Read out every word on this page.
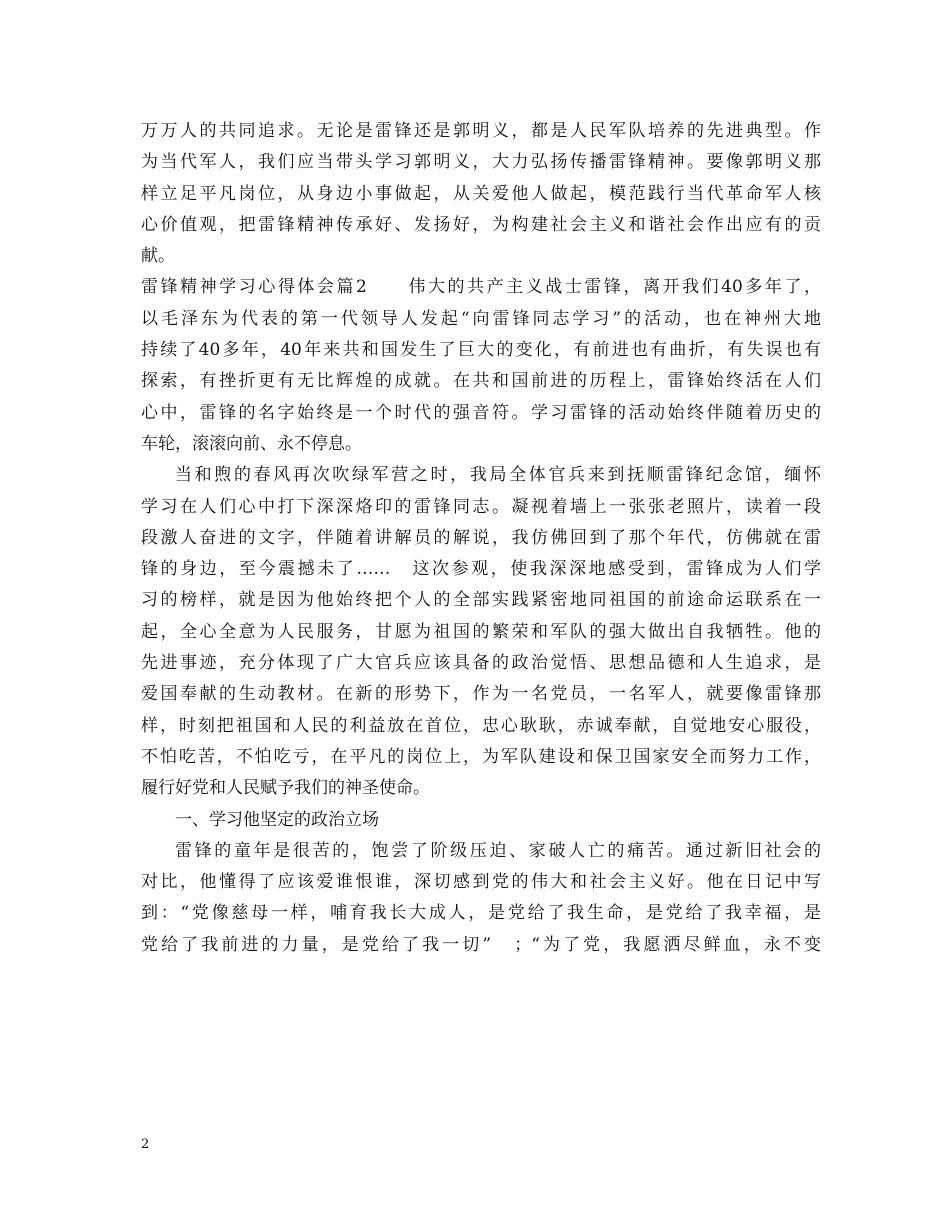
万万人的共同追求。无论是雷锋还是郭明义，都是人民军队培养的先进典型。作
为当代军人，我们应当带头学习郭明义，大力弘扬传播雷锋精神。要像郭明义那
样立足平凡岗位，从身边小事做起，从关爱他人做起，模范践行当代革命军人核
心价值观，把雷锋精神传承好、发扬好，为构建社会主义和谐社会作出应有的贡
献。
雷锋精神学习心得体会篇2　　伟大的共产主义战士雷锋，离开我们40多年了，
以毛泽东为代表的第一代领导人发起“向雷锋同志学习”的活动，也在神州大地
持续了40多年，40年来共和国发生了巨大的变化，有前进也有曲折，有失误也有
探索，有挫折更有无比辉煌的成就。在共和国前进的历程上，雷锋始终活在人们
心中，雷锋的名字始终是一个时代的强音符。学习雷锋的活动始终伴随着历史的
车轮，滚滚向前、永不停息。
当和煦的春风再次吹绿军营之时，我局全体官兵来到抚顺雷锋纪念馆，缅怀
学习在人们心中打下深深烙印的雷锋同志。凝视着墙上一张张老照片，读着一段
段激人奋进的文字，伴随着讲解员的解说，我仿佛回到了那个年代，仿佛就在雷
锋的身边，至今震撼未了……　这次参观，使我深深地感受到，雷锋成为人们学
习的榜样，就是因为他始终把个人的全部实践紧密地同祖国的前途命运联系在一
起，全心全意为人民服务，甘愿为祖国的繁荣和军队的强大做出自我牺牲。他的
先进事迹，充分体现了广大官兵应该具备的政治觉悟、思想品德和人生追求，是
爱国奉献的生动教材。在新的形势下，作为一名党员，一名军人，就要像雷锋那
样，时刻把祖国和人民的利益放在首位，忠心耿耿，赤诚奉献，自觉地安心服役，
不怕吃苦，不怕吃亏，在平凡的岗位上，为军队建设和保卫国家安全而努力工作，
履行好党和人民赋予我们的神圣使命。
一、学习他坚定的政治立场
雷锋的童年是很苦的，饱尝了阶级压迫、家破人亡的痛苦。通过新旧社会的
对比，他懂得了应该爱谁恨谁，深切感到党的伟大和社会主义好。他在日记中写
到：“党像慈母一样，哺育我长大成人，是党给了我生命，是党给了我幸福，是
党给了我前进的力量，是党给了我一切”　；“为了党，我愿洒尽鲜血，永不变
2
